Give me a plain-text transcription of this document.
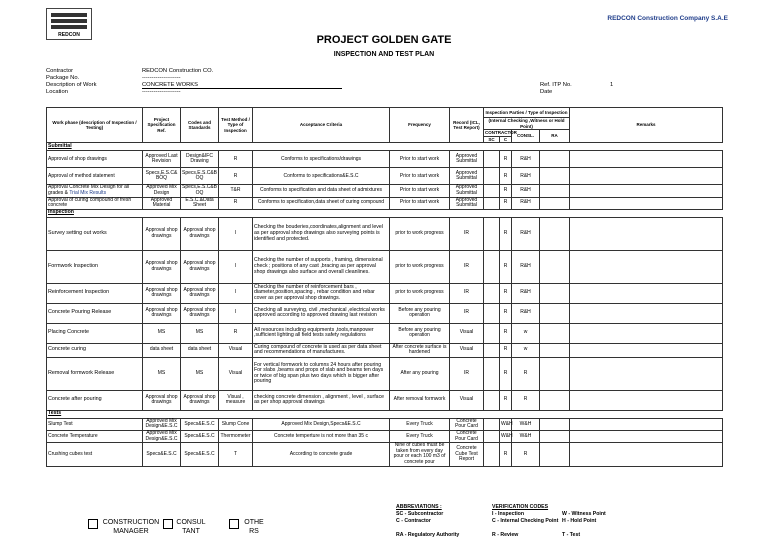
REDCON
REDCON Construction Company S.A.E
PROJECT GOLDEN GATE
INSPECTION AND TEST PLAN
Contractor	REDCON Construction CO.
Package No.	--------------------
Description of Work	CONCRETE WORKS
Location	--------------------
Ref. ITP No.	1
Date
Work phase (description of Inspection / Testing)	Project Specification Ref.	Codes and Standards	Test Method / Type of Inspection	Acceptance Criteria	Frequency	Record (ICL, Test Report)	Inspection Parties / Type of Inspection				Remarks
							(Internal Checking ,Witness or Hold Point)				
							CONTRACTOR		CONSL.	RA	
							SC	C			
Submittal											
Approval of shop drawings	Approved Last Revision	Design&IFC Drawing	R	Conforms to specifications/drawings	Prior to start work	Approved Submittal		R	R&H		
Approval of method statement	Specs,E.S.C& BOQ	Specs,E.S.C&B OQ	R	Conforms to specifications&E.S.C	Prior to start work	Approved Submittal		R	R&H		
Approval Concrete Mix Design for all grades & Trial Mix Results	Approved Mix Design	Specs,E.S.C&B OQ	T&R	Conforms to specification and data sheet of admixtures	Prior to start work	Approved Submittal		R	R&H		
Approval of curing compound of fresh concrete	Approved Material	E.S.C.&Data Sheet	R	Conforms to specification,data sheet of curing compound	Prior to start work	Approved Submittal		R	R&H		
Inspection											
Survey setting out works	Approval shop drawings	Approval shop drawings	I	Checking the bouderies,coordinates,alignment and level as per approval shop drawings also surveying points is identified and protected.	prior to work progress	IR		R	R&H		
Formwork Inspection	Approval shop drawings	Approval shop drawings	I	Checking the number of supports , framing, dimensional check ; positions of any cast ,bracing as per approval shop drawings also surface and overall cleanlines.	prior to work progress	IR		R	R&H		
Reinforcement Inspection	Approval shop drawings	Approval shop drawings	I	Checking the number of reinforcement bars , diameter,position,spacing , rebar condition and rebar cover as per approval shop drawings.	prior to work progress	IR		R	R&H		
Concrete Pouring Release	Approval shop drawings	Approval shop drawings	I	Checking all surveying, civil ,mechanical ,electrical works approved according to approved drawing last revision	Before any pouring operation	IR		R	R&H		
Placing Concrete	MS	MS	R	All resources including equipments ,tools,manpower ,sufficient lighting all field tests safety regulations	Before any pouring operation	Visual		R	w		
Concrete curing	data sheet	data sheet	Visual	Curing compound of concrete is used as per data sheet and recommendations of manufactures.	After concrete surface is hardened	Visual		R	w		
Removal formwork Release	MS	MS	Visual	For vertical formwork to columns 24 hours after pouring For slabs ,beams and props of slab and beams ten days or twice of big span plus two days which is bigger after pouring	After any pouring	IR		R	R		
Concrete after pouring	Approval shop drawings	Approval shop drawings	Visual , measure	checking concrete dimension , alignment , level , surface as per shop approval drawings	After removal formwork	Visual		R	R		
Tests											
Slump Test	Approved Mix Design&E.S.C	Specs&E.S.C	Slump Cone	Approved Mix Design,Specs&E.S.C	Every Truck	Concrete Pour Card		W&H	W&H		
Concrete Temperature	Approved Mix Design&E.S.C	Specs&E.S.C	Thermometer	Concrete temperture is not more than 35 c	Every Truck	Concrete Pour Card		W&H	W&H		
Crushing cubes test	Specs&E.S.C	Specs&E.S.C	T	According to concrete grade	Nine of cubes must be taken from every day pour or each 100 m3 of concrete pour	Concrete Cube Test Report		R	R		
ABBREVIATIONS :
SC - Subcontractor
C - Contractor
RA - Regulatory Authority
VERIFICATION CODES
I - Inspection	W - Witness Point
C - Internal Checking Point H - Hold Point
R - Review	T - Test
CONSTRUCTION MANAGER
CONSUL TANT
OTHE RS
